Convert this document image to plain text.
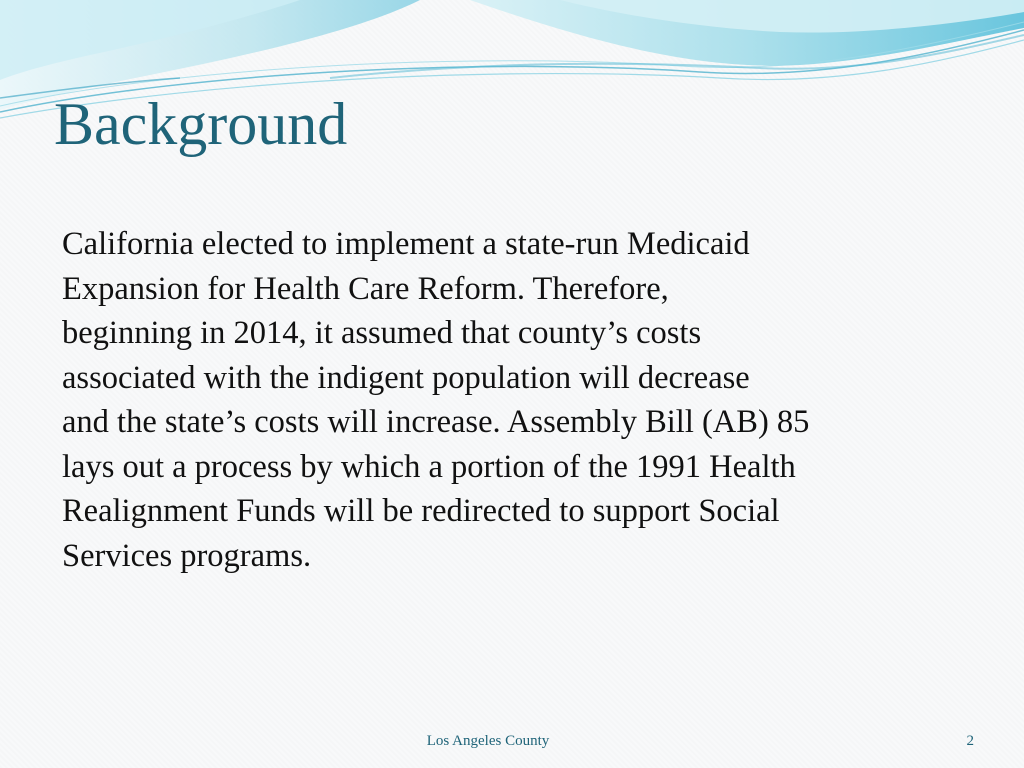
Background
California elected to implement a state-run Medicaid
Expansion for Health Care Reform. Therefore,
beginning in 2014, it assumed that county’s costs
associated with the indigent population will decrease
and the state’s costs will increase. Assembly Bill (AB) 85
lays out a process by which a portion of the 1991 Health
Realignment Funds will be redirected to support Social
Services programs.
Los Angeles County	2
